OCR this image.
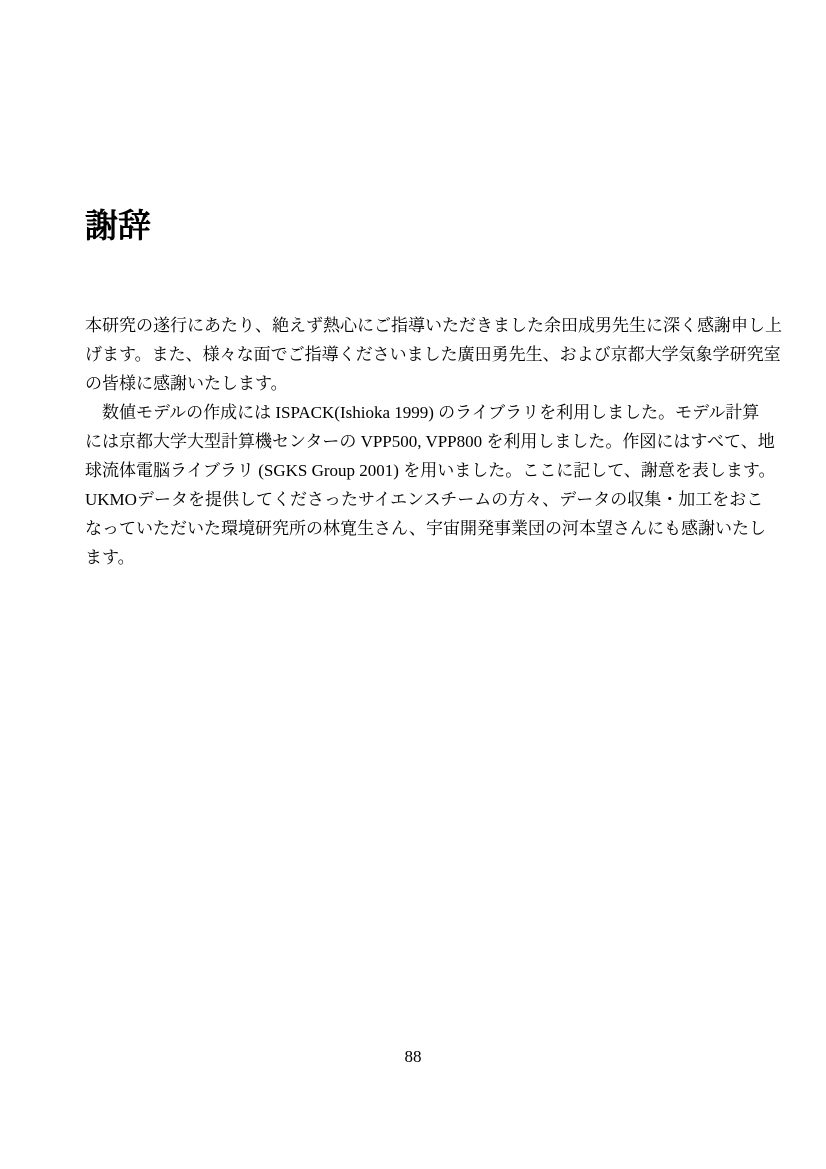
謝辞

本研究の遂行にあたり、絶えず熱心にご指導いただきました余田成男先生に深く感謝申し上
げます。また、様々な面でご指導くださいました廣田勇先生、および京都大学気象学研究室
の皆様に感謝いたします。

数値モデルの作成には ISPACK(Ishioka 1999) のライブラリを利用しました。モデル計算
には京都大学大型計算機センターの VPP500, VPP800 を利用しました。作図にはすべて、地
球流体電脳ライブラリ (SGKS Group 2001) を用いました。ここに記して、謝意を表します。
UKMOデータを提供してくださったサイエンスチームの方々、データの収集・加工をおこ
なっていただいた環境研究所の林寛生さん、宇宙開発事業団の河本望さんにも感謝いたし
ます。

88
